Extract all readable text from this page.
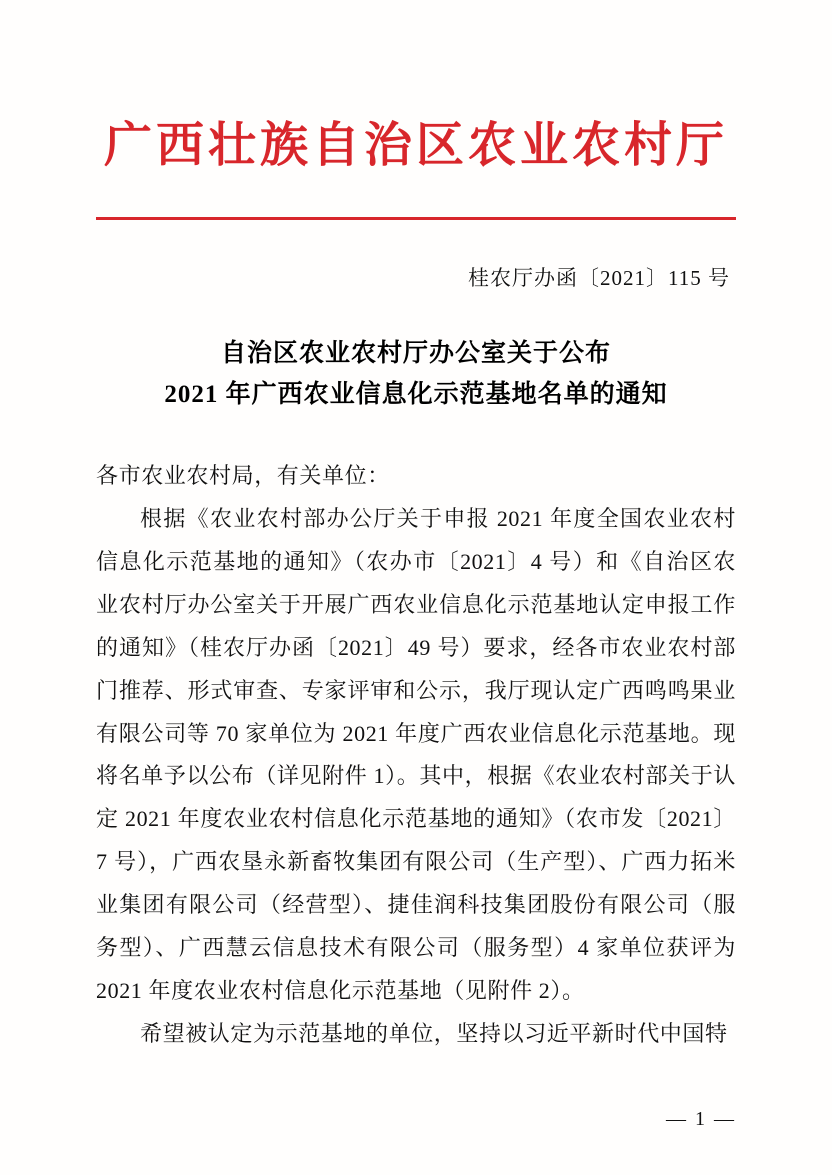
广西壮族自治区农业农村厅
桂农厅办函〔2021〕115 号
自治区农业农村厅办公室关于公布
2021 年广西农业信息化示范基地名单的通知

各市农业农村局，有关单位：

根据《农业农村部办公厅关于申报 2021 年度全国农业农村信息化示范基地的通知》（农办市〔2021〕4 号）和《自治区农业农村厅办公室关于开展广西农业信息化示范基地认定申报工作的通知》（桂农厅办函〔2021〕49 号）要求，经各市农业农村部门推荐、形式审查、专家评审和公示，我厅现认定广西鸣鸣果业有限公司等 70 家单位为 2021 年度广西农业信息化示范基地。现将名单予以公布（详见附件 1）。其中，根据《农业农村部关于认定 2021 年度农业农村信息化示范基地的通知》（农市发〔2021〕7 号），广西农垦永新畜牧集团有限公司（生产型）、广西力拓米业集团有限公司（经营型）、捷佳润科技集团股份有限公司（服务型）、广西慧云信息技术有限公司（服务型）4 家单位获评为 2021 年度农业农村信息化示范基地（见附件 2）。

希望被认定为示范基地的单位，坚持以习近平新时代中国特

— 1 —
